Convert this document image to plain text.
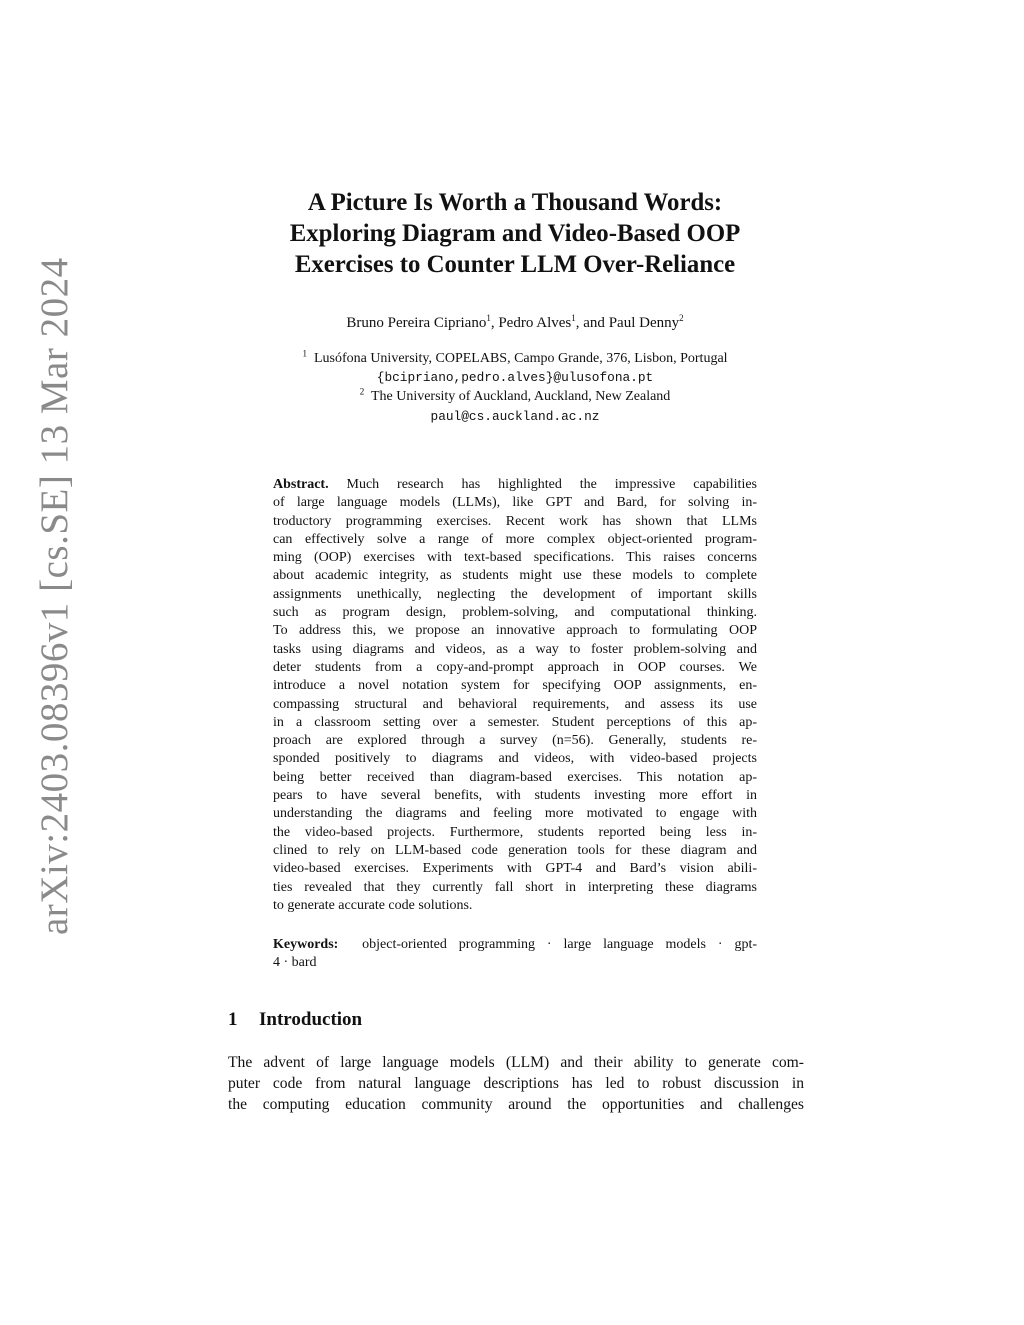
arXiv:2403.08396v1 [cs.SE] 13 Mar 2024
A Picture Is Worth a Thousand Words:
Exploring Diagram and Video-Based OOP
Exercises to Counter LLM Over-Reliance
Bruno Pereira Cipriano$^1$, Pedro Alves$^1$, and Paul Denny$^2$
$^1$ Lusófona University, COPELABS, Campo Grande, 376, Lisbon, Portugal
{bcipriano,pedro.alves}@ulusofona.pt
$^2$ The University of Auckland, Auckland, New Zealand
paul@cs.auckland.ac.nz
Abstract. Much research has highlighted the impressive capabilities
of large language models (LLMs), like GPT and Bard, for solving in-
troductory programming exercises. Recent work has shown that LLMs
can effectively solve a range of more complex object-oriented program-
ming (OOP) exercises with text-based specifications. This raises concerns
about academic integrity, as students might use these models to complete
assignments unethically, neglecting the development of important skills
such as program design, problem-solving, and computational thinking.
To address this, we propose an innovative approach to formulating OOP
tasks using diagrams and videos, as a way to foster problem-solving and
deter students from a copy-and-prompt approach in OOP courses. We
introduce a novel notation system for specifying OOP assignments, en-
compassing structural and behavioral requirements, and assess its use
in a classroom setting over a semester. Student perceptions of this ap-
proach are explored through a survey (n=56). Generally, students re-
sponded positively to diagrams and videos, with video-based projects
being better received than diagram-based exercises. This notation ap-
pears to have several benefits, with students investing more effort in
understanding the diagrams and feeling more motivated to engage with
the video-based projects. Furthermore, students reported being less in-
clined to rely on LLM-based code generation tools for these diagram and
video-based exercises. Experiments with GPT-4 and Bard’s vision abili-
ties revealed that they currently fall short in interpreting these diagrams
to generate accurate code solutions.
Keywords: object-oriented programming · large language models · gpt-
4 · bard
1 Introduction
The advent of large language models (LLM) and their ability to generate com-
puter code from natural language descriptions has led to robust discussion in
the computing education community around the opportunities and challenges
